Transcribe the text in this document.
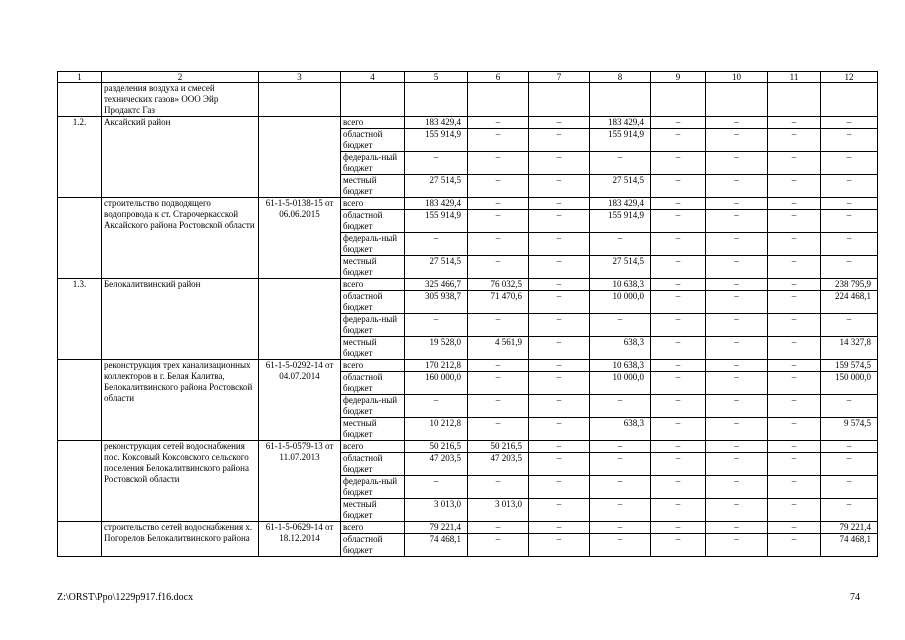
1	2	3	4	5	6	7	8	9	10	11	12
	разделения воздуха и смесей технических газов» ООО Эйр Продактс Газ										
1.2.	Аксайский район		всего	183 429,4	–	–	183 429,4	–	–	–	–
			областной бюджет	155 914,9	–	–	155 914,9	–	–	–	–
			федераль-ный бюджет	–	–	–	–	–	–	–	–
			местный бюджет	27 514,5	–	–	27 514,5	–	–	–	–
	строительство подводящего водопровода к ст. Старочеркасской Аксайского района Ростовской области	61-1-5-0138-15 от 06.06.2015	всего	183 429,4	–	–	183 429,4	–	–	–	–
			областной бюджет	155 914,9	–	–	155 914,9	–	–	–	–
			федераль-ный бюджет	–	–	–	–	–	–	–	–
			местный бюджет	27 514,5	–	–	27 514,5	–	–	–	–
1.3.	Белокалитвинский район		всего	325 466,7	76 032,5	–	10 638,3	–	–	–	238 795,9
			областной бюджет	305 938,7	71 470,6	–	10 000,0	–	–	–	224 468,1
			федераль-ный бюджет	–	–	–	–	–	–	–	–
			местный бюджет	19 528,0	4 561,9	–	638,3	–	–	–	14 327,8
	реконструкция трех канализационных коллекторов в г. Белая Калитва, Белокалитвинского района Ростовской области	61-1-5-0292-14 от 04.07.2014	всего	170 212,8	–	–	10 638,3	–	–	–	159 574,5
			областной бюджет	160 000,0	–	–	10 000,0	–	–	–	150 000,0
			федераль-ный бюджет	–	–	–	–	–	–	–	–
			местный бюджет	10 212,8	–	–	638,3	–	–	–	9 574,5
	реконструкция сетей водоснабжения пос. Коксовый Коксовского сельского поселения Белокалитвинского района Ростовской области	61-1-5-0579-13 от 11.07.2013	всего	50 216,5	50 216,5	–	–	–	–	–	–
			областной бюджет	47 203,5	47 203,5	–	–	–	–	–	–
			федераль-ный бюджет	–	–	–	–	–	–	–	–
			местный бюджет	3 013,0	3 013,0	–	–	–	–	–	–
	строительство сетей водоснабжения х. Погорелов Белокалитвинского района	61-1-5-0629-14 от 18.12.2014	всего	79 221,4	–	–	–	–	–	–	79 221,4
			областной бюджет	74 468,1	–	–	–	–	–	–	74 468,1
Z:\ORST\Ppo\1229p917.f16.docx	74
